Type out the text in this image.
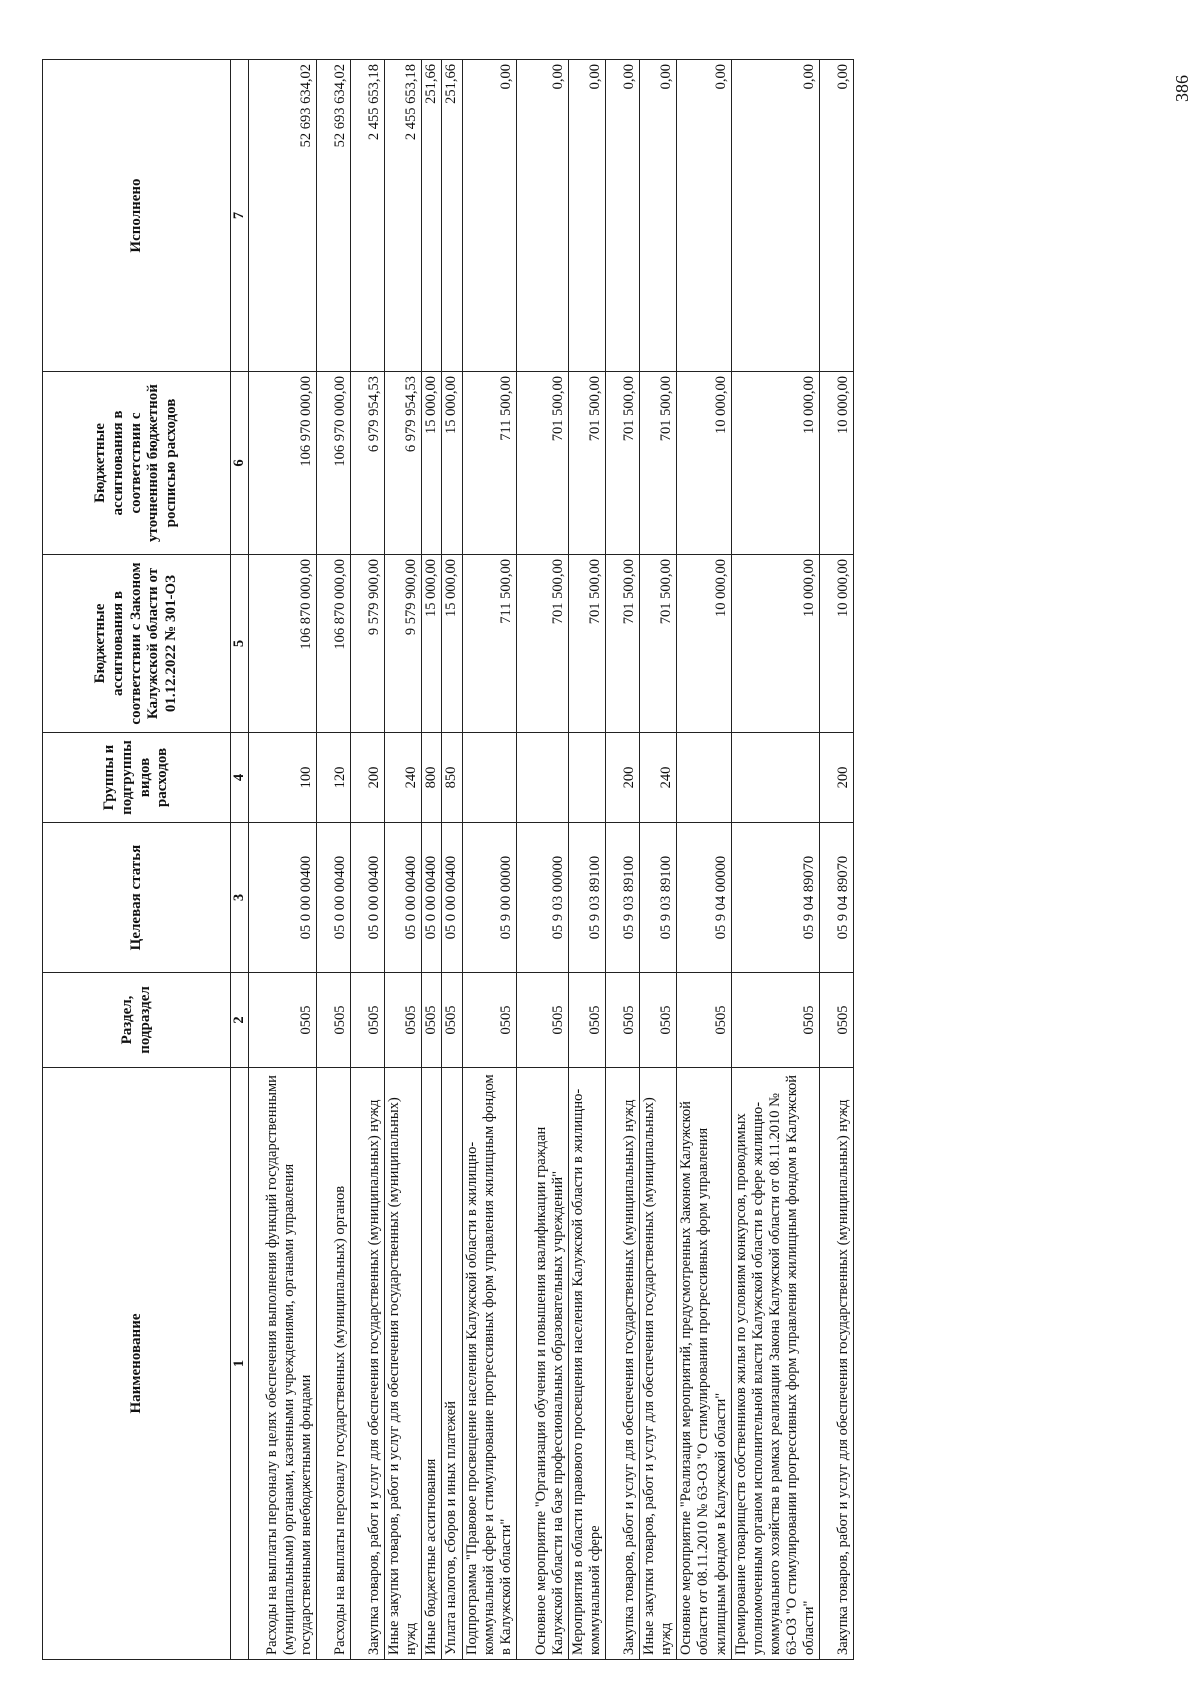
Наименование	Раздел, подраздел	Целевая статья	Группы и подгруппы видов расходов	Бюджетные ассигнования в соответствии с Законом Калужской области от 01.12.2022 № 301-ОЗ	Бюджетные ассигнования в соответствии с уточненной бюджетной росписью расходов	Исполнено
1	2	3	4	5	6	7
Расходы на выплаты персоналу в целях обеспечения выполнения функций государственными (муниципальными) органами, казенными учреждениями, органами управления государственными внебюджетными фондами	0505	05 0 00 00400	100	106 870 000,00	106 970 000,00	52 693 634,02
Расходы на выплаты персоналу государственных (муниципальных) органов	0505	05 0 00 00400	120	106 870 000,00	106 970 000,00	52 693 634,02
Закупка товаров, работ и услуг для обеспечения государственных (муниципальных) нужд	0505	05 0 00 00400	200	9 579 900,00	6 979 954,53	2 455 653,18
Иные закупки товаров, работ и услуг для обеспечения государственных (муниципальных) нужд	0505	05 0 00 00400	240	9 579 900,00	6 979 954,53	2 455 653,18
Иные бюджетные ассигнования	0505	05 0 00 00400	800	15 000,00	15 000,00	251,66
Уплата налогов, сборов и иных платежей	0505	05 0 00 00400	850	15 000,00	15 000,00	251,66
Подпрограмма "Правовое просвещение населения Калужской области в жилищно-коммунальной сфере и стимулирование прогрессивных форм управления жилищным фондом в Калужской области"	0505	05 9 00 00000		711 500,00	711 500,00	0,00
Основное мероприятие "Организация обучения и повышения квалификации граждан Калужской области на базе профессиональных образовательных учреждений"	0505	05 9 03 00000		701 500,00	701 500,00	0,00
Мероприятия в области правового просвещения населения Калужской области в жилищно-коммунальной сфере	0505	05 9 03 89100		701 500,00	701 500,00	0,00
Закупка товаров, работ и услуг для обеспечения государственных (муниципальных) нужд	0505	05 9 03 89100	200	701 500,00	701 500,00	0,00
Иные закупки товаров, работ и услуг для обеспечения государственных (муниципальных) нужд	0505	05 9 03 89100	240	701 500,00	701 500,00	0,00
Основное мероприятие "Реализация мероприятий, предусмотренных Законом Калужской области от 08.11.2010 № 63-ОЗ "О стимулировании прогрессивных форм управления жилищным фондом в Калужской области"	0505	05 9 04 00000		10 000,00	10 000,00	0,00
Премирование товариществ собственников жилья по условиям конкурсов, проводимых уполномоченным органом исполнительной власти Калужской области в сфере жилищно-коммунального хозяйства в рамках реализации Закона Калужской области от 08.11.2010 № 63-ОЗ "О стимулировании прогрессивных форм управления жилищным фондом в Калужской области"	0505	05 9 04 89070		10 000,00	10 000,00	0,00
Закупка товаров, работ и услуг для обеспечения государственных (муниципальных) нужд	0505	05 9 04 89070	200	10 000,00	10 000,00	0,00	386
